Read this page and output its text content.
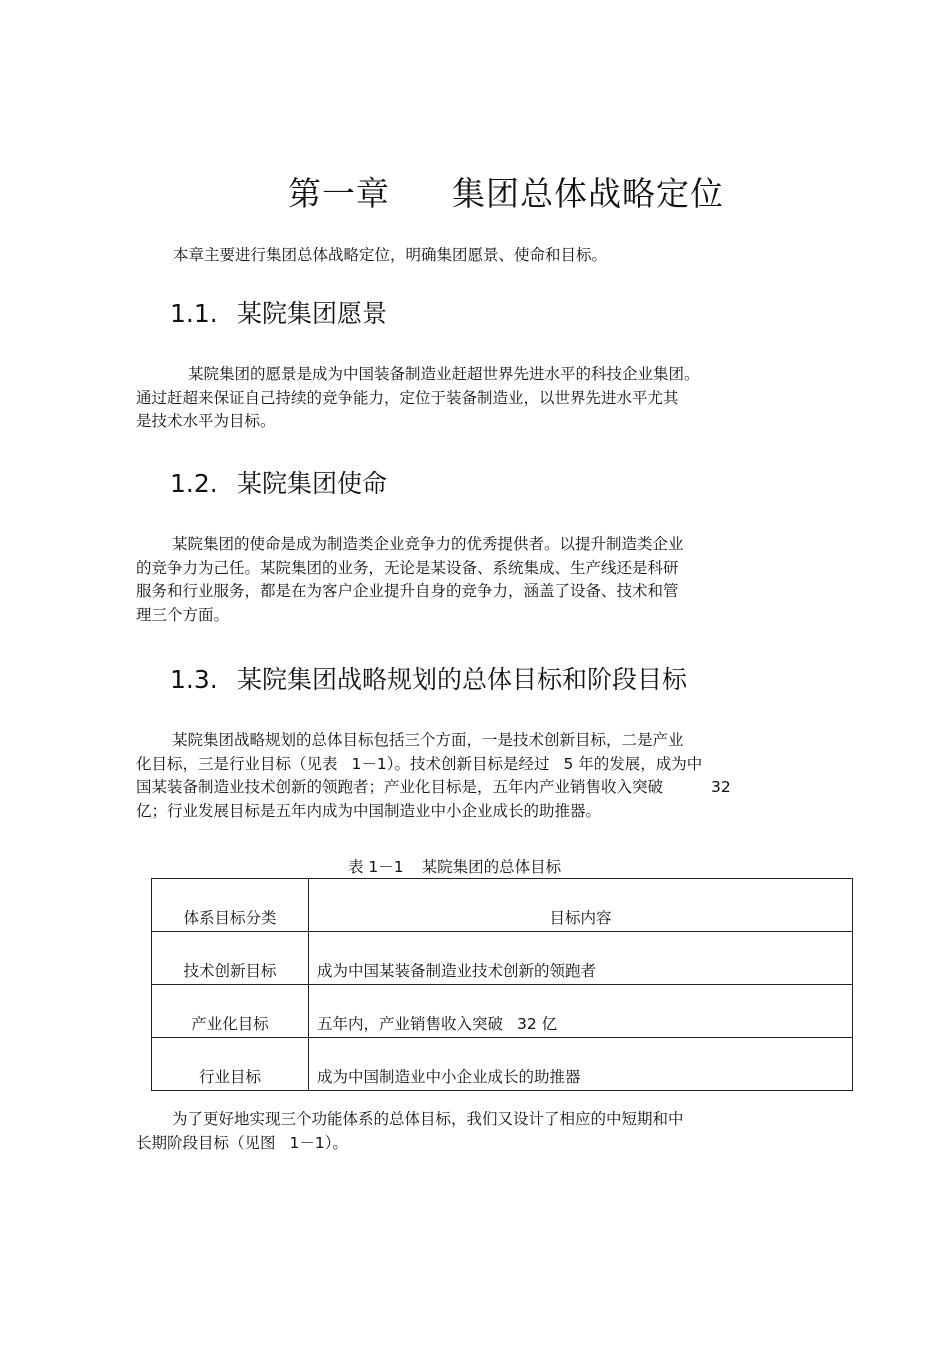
第一章 集团总体战略定位
本章主要进行集团总体战略定位，明确集团愿景、使命和目标。
1.1. 某院集团愿景
某院集团的愿景是成为中国装备制造业赶超世界先进水平的科技企业集团。
通过赶超来保证自己持续的竞争能力，定位于装备制造业，以世界先进水平尤其
是技术水平为目标。
1.2. 某院集团使命
某院集团的使命是成为制造类企业竞争力的优秀提供者。以提升制造类企业
的竞争力为己任。某院集团的业务，无论是某设备、系统集成、生产线还是科研
服务和行业服务，都是在为客户企业提升自身的竞争力，涵盖了设备、技术和管
理三个方面。
1.3. 某院集团战略规划的总体目标和阶段目标
某院集团战略规划的总体目标包括三个方面，一是技术创新目标，二是产业
化目标，三是行业目标（见表 1－1）。技术创新目标是经过 5 年的发展，成为中
国某装备制造业技术创新的领跑者；产业化目标是，五年内产业销售收入突破	32
亿；行业发展目标是五年内成为中国制造业中小企业成长的助推器。
表 1－1 某院集团的总体目标
体系目标分类	目标内容
技术创新目标	成为中国某装备制造业技术创新的领跑者
产业化目标	五年内，产业销售收入突破 32 亿
行业目标	成为中国制造业中小企业成长的助推器
为了更好地实现三个功能体系的总体目标，我们又设计了相应的中短期和中
长期阶段目标（见图 1－1）。
